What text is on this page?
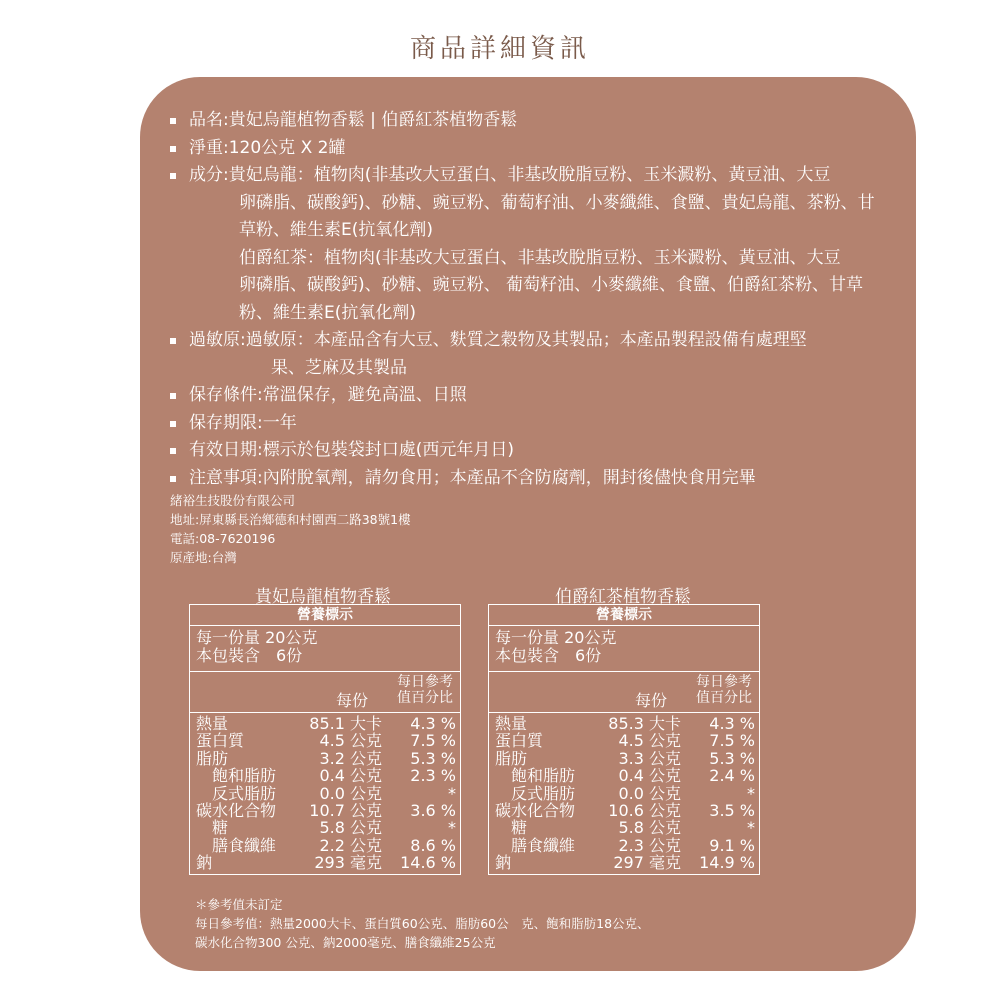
商品詳細資訊
品名:貴妃烏龍植物香鬆 | 伯爵紅茶植物香鬆
淨重:120公克 X 2罐
成分:貴妃烏龍：植物肉(非基改大豆蛋白、非基改脫脂豆粉、玉米澱粉、黃豆油、大豆
卵磷脂、碳酸鈣)、砂糖、豌豆粉、葡萄籽油、小麥纖維、食鹽、貴妃烏龍、茶粉、甘
草粉、維生素E(抗氧化劑)
伯爵紅茶：植物肉(非基改大豆蛋白、非基改脫脂豆粉、玉米澱粉、黃豆油、大豆
卵磷脂、碳酸鈣)、砂糖、豌豆粉、 葡萄籽油、小麥纖維、食鹽、伯爵紅茶粉、甘草
粉、維生素E(抗氧化劑)
過敏原:過敏原：本產品含有大豆、麩質之穀物及其製品；本產品製程設備有處理堅
果、芝麻及其製品
保存條件:常溫保存，避免高溫、日照
保存期限:一年
有效日期:標示於包裝袋封口處(西元年月日)
注意事項:內附脫氧劑，請勿食用；本產品不含防腐劑，開封後儘快食用完畢
緒裕生技股份有限公司
地址:屏東縣長治鄉德和村園西二路38號1樓
電話:08-7620196
原產地:台灣
貴妃烏龍植物香鬆	伯爵紅茶植物香鬆
營養標示
每一份量 20公克
本包裝含　6份
每份
每日參考
值百分比
熱量	85.1 大卡 4.3 %
蛋白質	4.5 公克 7.5 %
脂肪	3.2 公克 5.3 %
飽和脂肪	0.4 公克 2.3 %
反式脂肪	0.0 公克	*
碳水化合物 10.7 公克 3.6 %
糖	5.8 公克	*
膳食纖維	2.2 公克 8.6 %
鈉	293 毫克 14.6 %
營養標示
每一份量 20公克
本包裝含　6份
每份
每日參考
值百分比
熱量	85.3 大卡 4.3 %
蛋白質	4.5 公克 7.5 %
脂肪	3.3 公克 5.3 %
飽和脂肪	0.4 公克 2.4 %
反式脂肪	0.0 公克	*
碳水化合物 10.6 公克 3.5 %
糖	5.8 公克	*
膳食纖維	2.3 公克 9.1 %
鈉	297 毫克 14.9 %
＊參考值未訂定
每日參考值：熱量2000大卡、蛋白質60公克、脂肪60公　克、飽和脂肪18公克、
碳水化合物300 公克、鈉2000毫克、膳食纖維25公克
